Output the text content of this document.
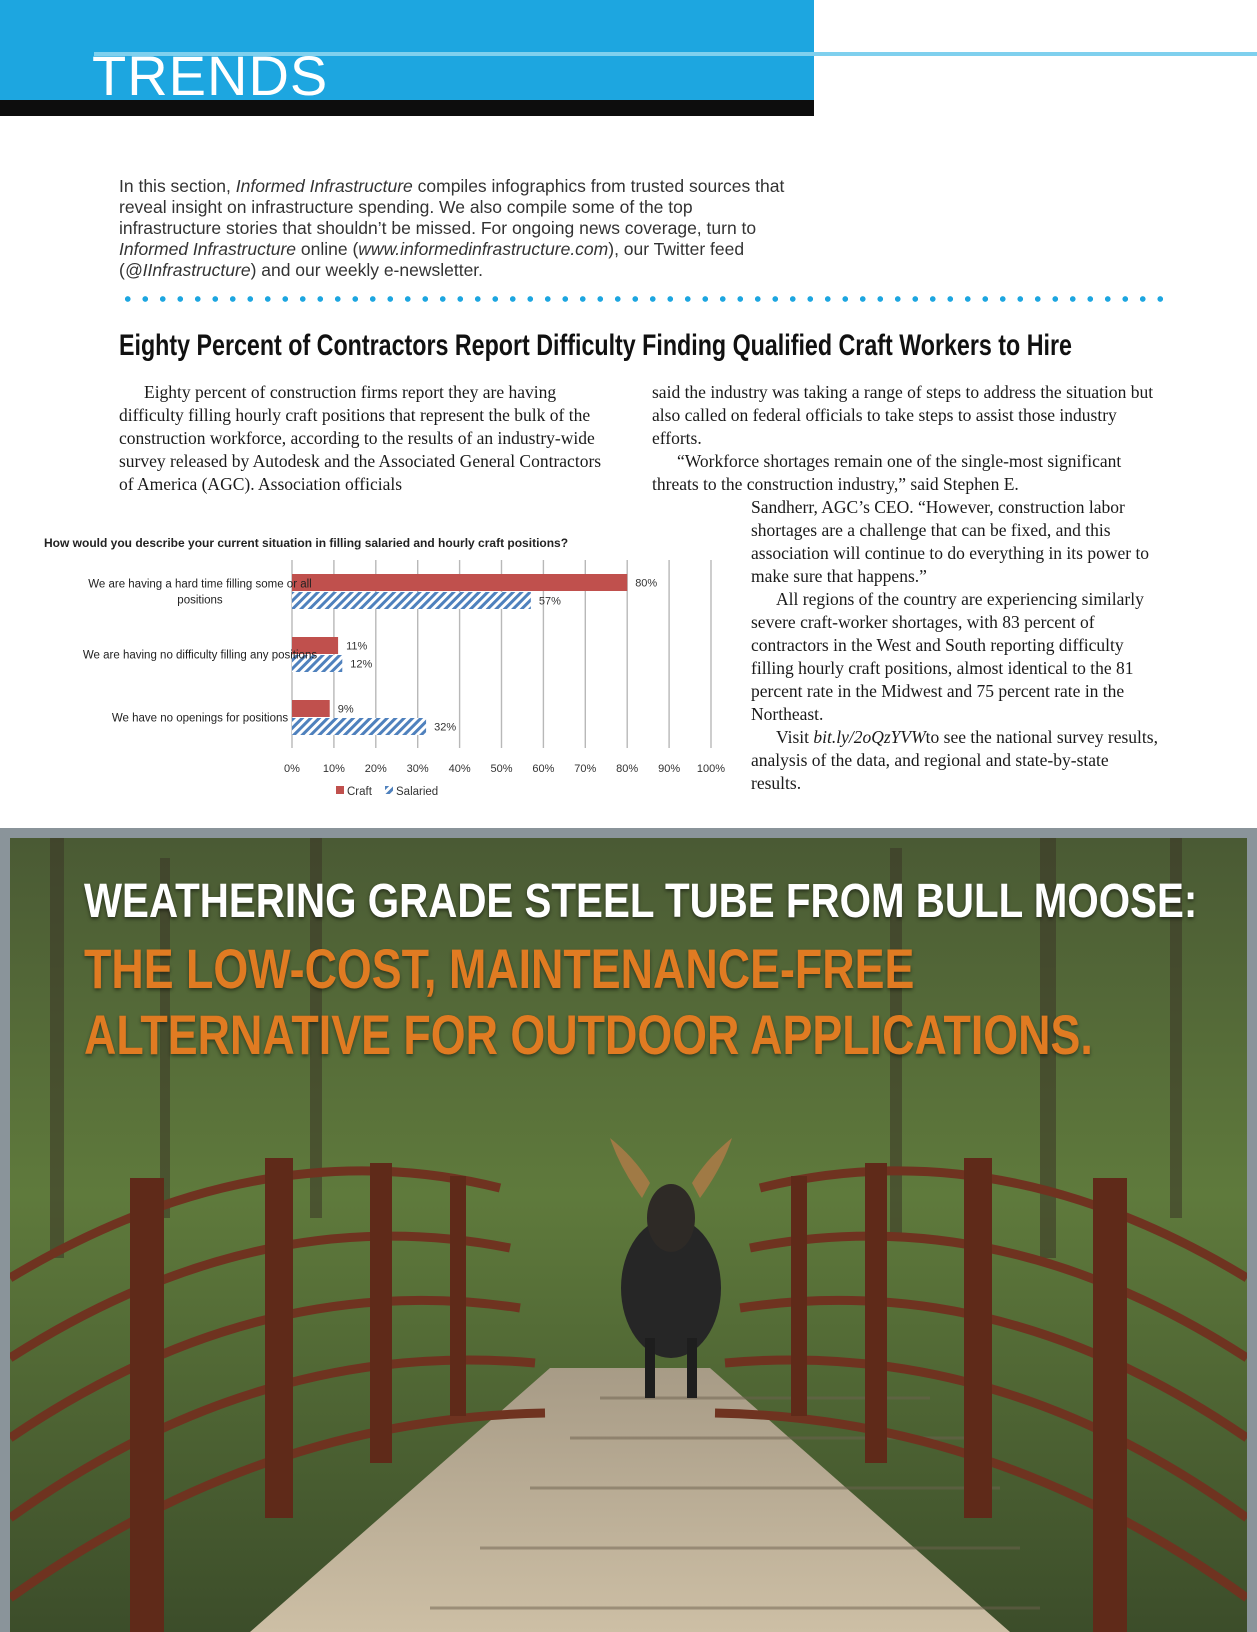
TRENDS

In this section, Informed Infrastructure compiles infographics from trusted sources that reveal insight on infrastructure spending. We also compile some of the top infrastructure stories that shouldn’t be missed. For ongoing news coverage, turn to Informed Infrastructure online (www.informedinfrastructure.com), our Twitter feed (@IInfrastructure) and our weekly e-newsletter.

Eighty Percent of Contractors Report Difficulty Finding Qualified Craft Workers to Hire

Eighty percent of construction firms report they are having difficulty filling hourly craft positions that represent the bulk of the construction workforce, according to the results of an industry-wide survey released by Autodesk and the Associated General Contractors of America (AGC). Association officials

said the industry was taking a range of steps to address the situation but also called on federal officials to take steps to assist those industry efforts.

“Workforce shortages remain one of the single-most significant threats to the construction industry,” said Stephen E.

Sandherr, AGC’s CEO. “However, construction labor shortages are a challenge that can be fixed, and this association will continue to do everything in its power to make sure that happens.”

All regions of the country are experiencing similarly severe craft-worker shortages, with 83 percent of contractors in the West and South reporting difficulty filling hourly craft positions, almost identical to the 81 percent rate in the Midwest and 75 percent rate in the Northeast.

Visit bit.ly/2oQzYVWto see the national survey results, analysis of the data, and regional and state-by-state results.

How would you describe your current situation in filling salaried and hourly craft positions?
80%
57%
11%
12%
9%
32%
0% 10% 20% 30% 40% 50% 60% 70% 80% 90% 100%
We are having a hard time filling some or all
positions
We are having no difficulty filling any positions
We have no openings for positions
Craft Salaried
WEATHERING GRADE STEEL TUBE FROM BULL MOOSE:
THE LOW-COST, MAINTENANCE-FREE
ALTERNATIVE FOR OUTDOOR APPLICATIONS.
